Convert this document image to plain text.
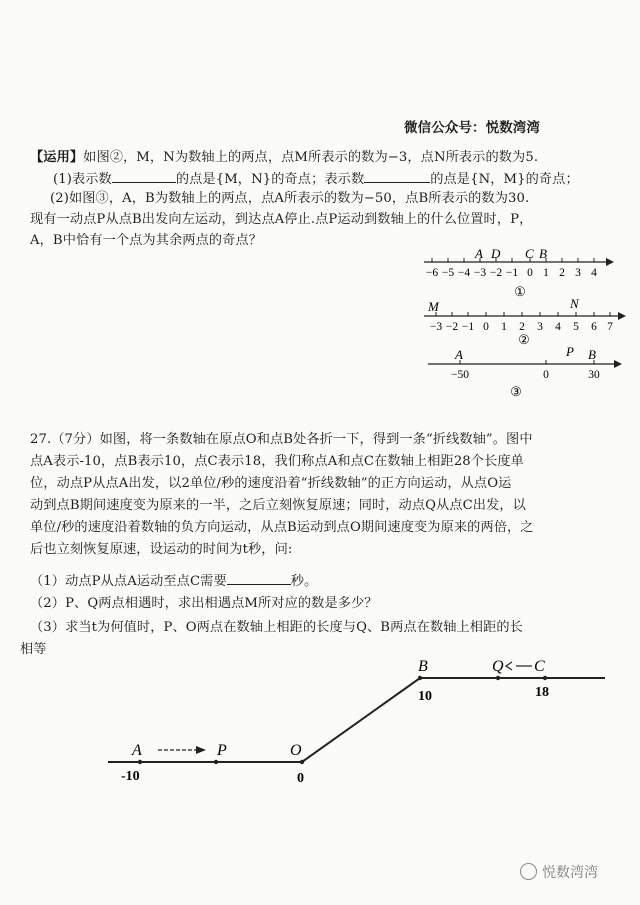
微信公众号：悦数湾湾
【运用】如图②，M，N为数轴上的两点，点M所表示的数为−3，点N所表示的数为5.
(1)表示数	的点是{M，N}的奇点；表示数	的点是{N，M}的奇点；
(2)如图③，A，B为数轴上的两点，点A所表示的数为−50，点B所表示的数为30.
现有一动点P从点B出发向左运动，到达点A停止.点P运动到数轴上的什么位置时，P，
A，B中恰有一个点为其余两点的奇点？
A D C B
−6 −5 −4 −3 −2 −1 0 1 2 3 4
①
M	N
−3 −2 −1 0 1 2 3 4 5 6 7
②
A	P B
−50	0	30
③
27.（7分）如图，将一条数轴在原点O和点B处各折一下，得到一条“折线数轴”。图中
点A表示-10，点B表示10，点C表示18，我们称点A和点C在数轴上相距28个长度单
位，动点P从点A出发，以2单位/秒的速度沿着“折线数轴”的正方向运动，从点O运
动到点B期间速度变为原来的一半，之后立刻恢复原速；同时，动点Q从点C出发，以
单位/秒的速度沿着数轴的负方向运动，从点B运动到点O期间速度变为原来的两倍，之
后也立刻恢复原速，设运动的时间为t秒，问:
（1）动点P从点A运动至点C需要	秒。
（2）P、Q两点相遇时，求出相遇点M所对应的数是多少？
（3）求当t为何值时，P、O两点在数轴上相距的长度与Q、B两点在数轴上相距的长
相等
A	P	O
B	Q C
-10	0
10	18
悦数湾湾
